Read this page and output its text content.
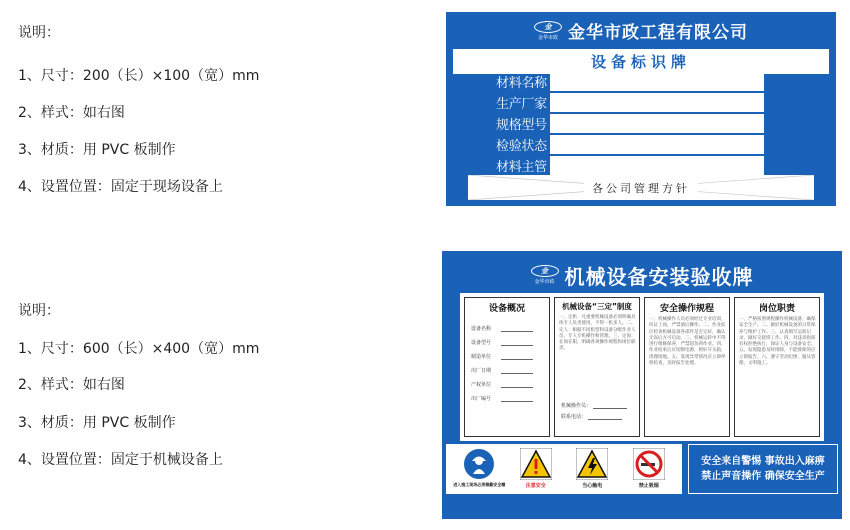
说明：
1、尺寸：200（长）×100（宽）mm
2、样式：如右图
3、材质：用 PVC 板制作
4、设置位置：固定于现场设备上
说明：
1、尺寸：600（长）×400（宽）mm
2、样式：如右图
3、材质：用 PVC 板制作
4、设置位置：固定于机械设备上
金
金华市政 金华市政工程有限公司
设备标识牌
材料名称
生产厂家
规格型号
检验状态
材料主管
各公司管理方针
金
金华市政 机械设备安装验收牌
设备概况
设备名称
设备型号
制造单位
出厂日期
产权单位
出厂编号
机械设备“三定”制度
一、定机：凡重要机械设备必须明确具体专人负责使用，不得一机多人。二、定人：根据不同机型和设备分配作业人员，专人专机操作和管理。三、定岗：在岗在职，明确各项操作规程和岗位职责。
机械操作员：
联系电话：
安全操作规程
一、机械操作人员必须经过专业培训，持证上岗，严禁酒后操作。二、作业前应检查机械设备各部件是否完好，确认无误后方可启动。三、机械运转中不得进行维修保养，严禁超负荷作业。四、作业结束后应切断电源，锁好开关箱，清理场地。五、发现异常情况应立即停机检查，及时报告处理。
岗位职责
一、严格按照规程操作机械设备，确保安全生产。二、做好机械设备的日常保养与维护工作。三、认真填写运转记录，做好交接班工作。四、对违章指挥有权拒绝执行，保证人身与设备安全。五、发现隐患及时排除，不能排除的应立即报告。六、遵守劳动纪律，服从管理，文明施工。
进入施工现场必须佩戴安全帽	注意安全	当心触电	禁止吸烟
安全来自警惕 事故出入麻痹
禁止声音操作 确保安全生产
